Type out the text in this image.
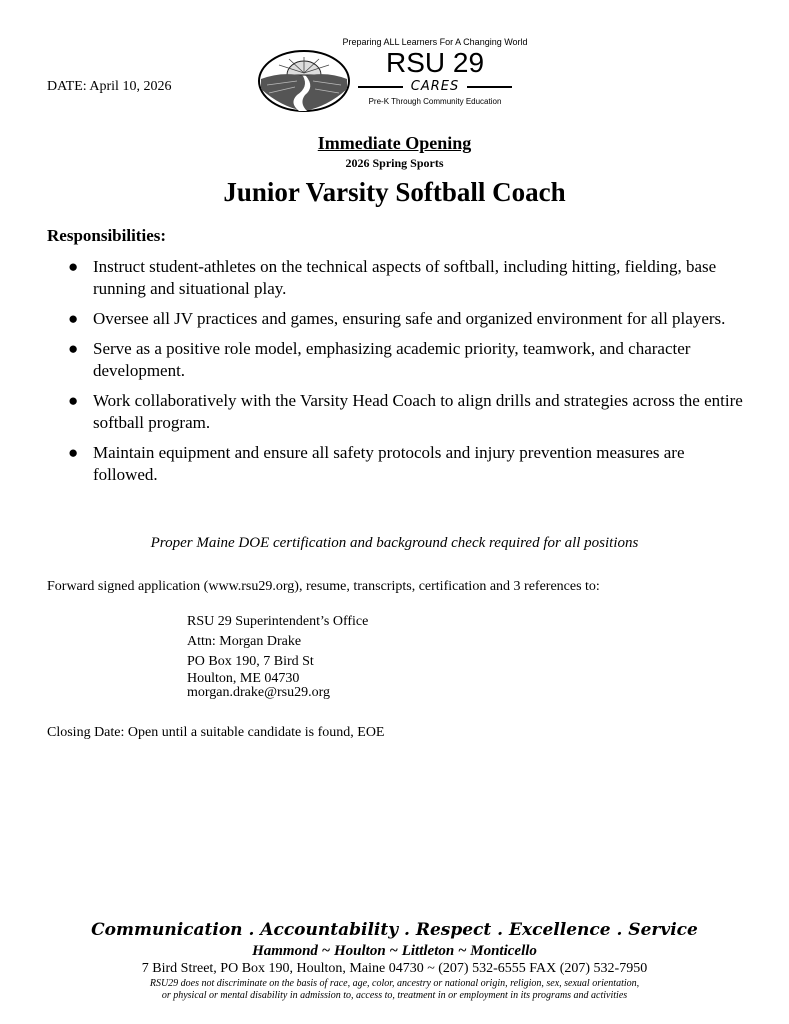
DATE: April 10, 2026
Preparing ALL Learners For A Changing World
RSU 29
CARES
Pre-K Through Community Education
Immediate Opening
2026 Spring Sports
Junior Varsity Softball Coach
Responsibilities:
● Instruct student-athletes on the technical aspects of softball, including hitting, fielding, base running and situational play.
● Oversee all JV practices and games, ensuring safe and organized environment for all players.
● Serve as a positive role model, emphasizing academic priority, teamwork, and character development.
● Work collaboratively with the Varsity Head Coach to align drills and strategies across the entire softball program.
● Maintain equipment and ensure all safety protocols and injury prevention measures are followed.
Proper Maine DOE certification and background check required for all positions
Forward signed application (www.rsu29.org), resume, transcripts, certification and 3 references to:
RSU 29 Superintendent’s Office
Attn: Morgan Drake
PO Box 190, 7 Bird St
Houlton, ME 04730
morgan.drake@rsu29.org
Closing Date: Open until a suitable candidate is found, EOE
Communication . Accountability . Respect . Excellence . Service
Hammond ~ Houlton ~ Littleton ~ Monticello
7 Bird Street, PO Box 190, Houlton, Maine 04730 ~ (207) 532-6555 FAX (207) 532-7950
RSU29 does not discriminate on the basis of race, age, color, ancestry or national origin, religion, sex, sexual orientation,
or physical or mental disability in admission to, access to, treatment in or employment in its programs and activities
